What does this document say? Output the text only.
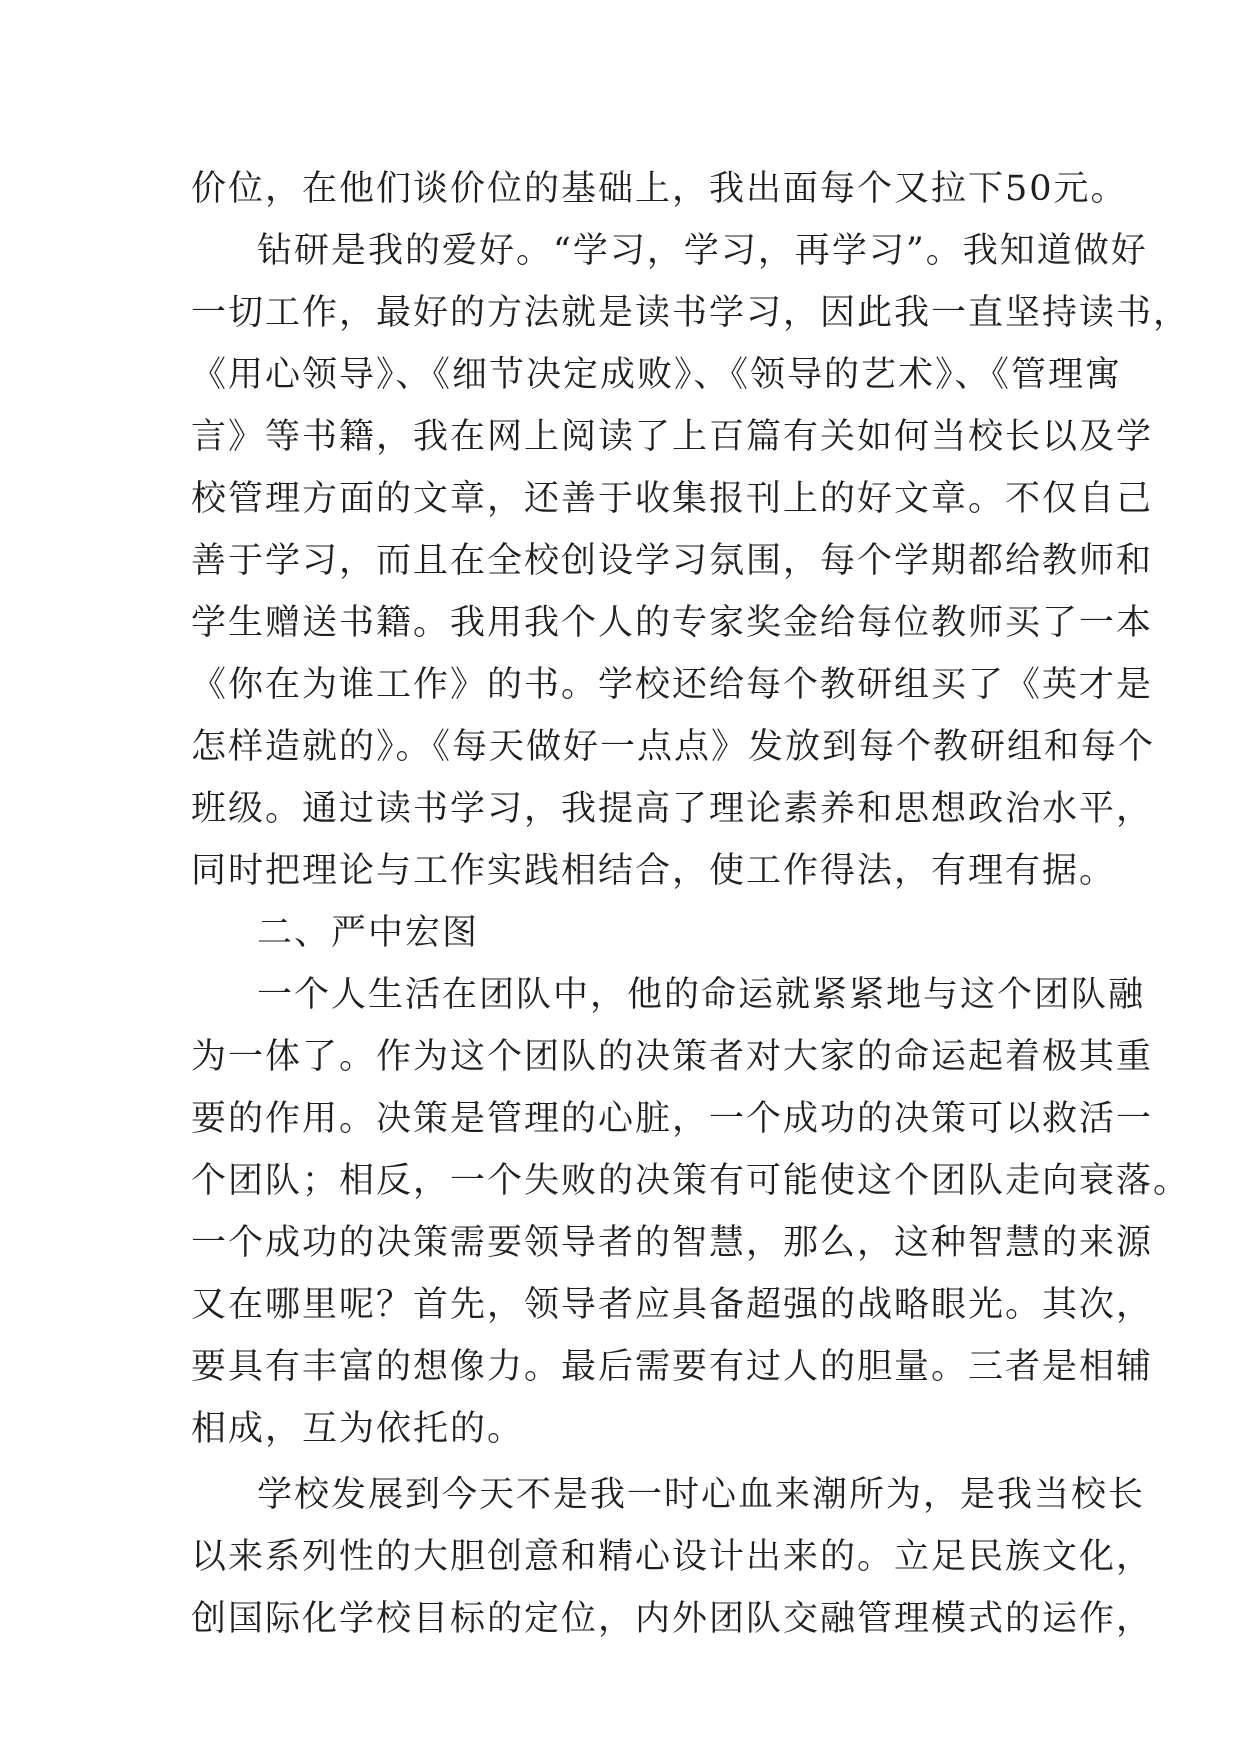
价位，在他们谈价位的基础上，我出面每个又拉下50元。
钻研是我的爱好。“学习，学习，再学习”。我知道做好
一切工作，最好的方法就是读书学习，因此我一直坚持读书，
《用心领导》、《细节决定成败》、《领导的艺术》、《管理寓
言》等书籍，我在网上阅读了上百篇有关如何当校长以及学
校管理方面的文章，还善于收集报刊上的好文章。不仅自己
善于学习，而且在全校创设学习氛围，每个学期都给教师和
学生赠送书籍。我用我个人的专家奖金给每位教师买了一本
《你在为谁工作》的书。学校还给每个教研组买了《英才是
怎样造就的》。《每天做好一点点》发放到每个教研组和每个
班级。通过读书学习，我提高了理论素养和思想政治水平，
同时把理论与工作实践相结合，使工作得法，有理有据。
二、严中宏图
一个人生活在团队中，他的命运就紧紧地与这个团队融
为一体了。作为这个团队的决策者对大家的命运起着极其重
要的作用。决策是管理的心脏，一个成功的决策可以救活一
个团队；相反，一个失败的决策有可能使这个团队走向衰落。
一个成功的决策需要领导者的智慧，那么，这种智慧的来源
又在哪里呢？首先，领导者应具备超强的战略眼光。其次，
要具有丰富的想像力。最后需要有过人的胆量。三者是相辅
相成，互为依托的。
学校发展到今天不是我一时心血来潮所为，是我当校长
以来系列性的大胆创意和精心设计出来的。立足民族文化，
创国际化学校目标的定位，内外团队交融管理模式的运作，
